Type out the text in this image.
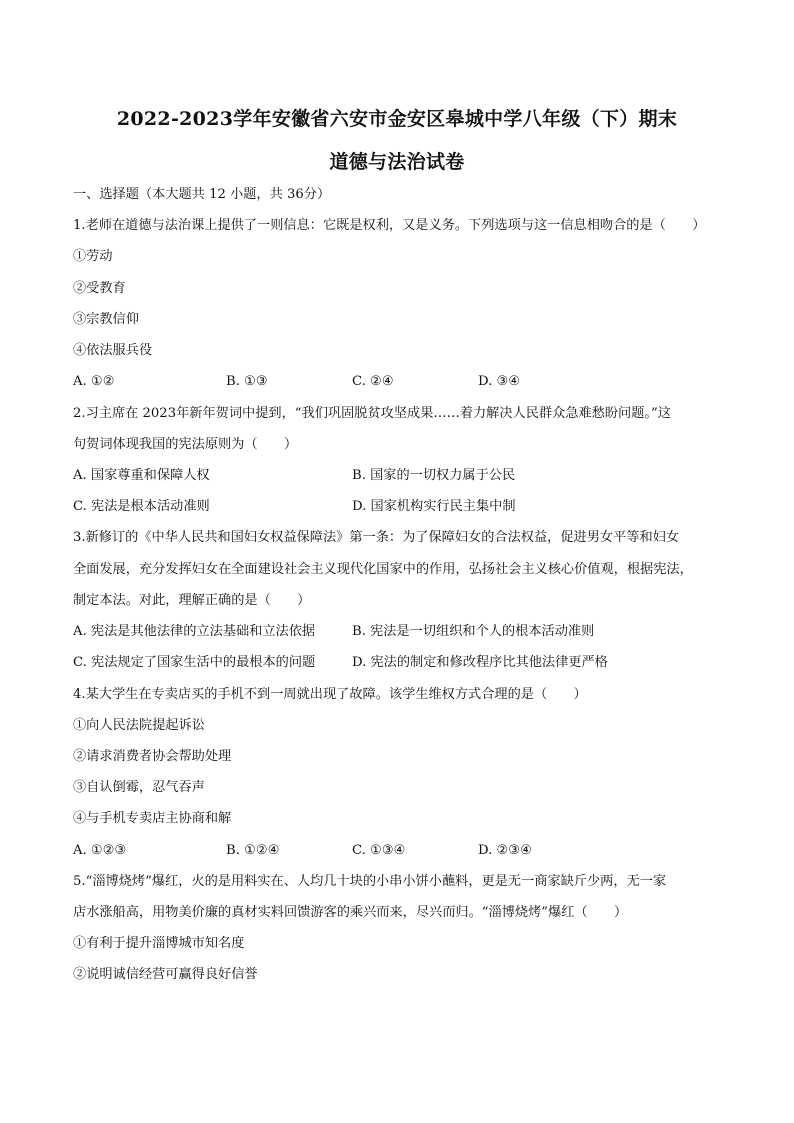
2022-2023学年安徽省六安市金安区皋城中学八年级（下）期末
道德与法治试卷
一、选择题（本大题共 12 小题，共 36分）
1.老师在道德与法治课上提供了一则信息：它既是权利，又是义务。下列选项与这一信息相吻合的是（　　）
①劳动
②受教育
③宗教信仰
④依法服兵役
A. ①②	B. ①③	C. ②④	D. ③④
2.习主席在 2023年新年贺词中提到，“我们巩固脱贫攻坚成果……着力解决人民群众急难愁盼问题。”这
句贺词体现我国的宪法原则为（　　）
A. 国家尊重和保障人权	B. 国家的一切权力属于公民
C. 宪法是根本活动准则	D. 国家机构实行民主集中制
3.新修订的《中华人民共和国妇女权益保障法》第一条：为了保障妇女的合法权益，促进男女平等和妇女
全面发展，充分发挥妇女在全面建设社会主义现代化国家中的作用，弘扬社会主义核心价值观，根据宪法，
制定本法。对此，理解正确的是（　　）
A. 宪法是其他法律的立法基础和立法依据	B. 宪法是一切组织和个人的根本活动准则
C. 宪法规定了国家生活中的最根本的问题	D. 宪法的制定和修改程序比其他法律更严格
4.某大学生在专卖店买的手机不到一周就出现了故障。该学生维权方式合理的是（　　）
①向人民法院提起诉讼
②请求消费者协会帮助处理
③自认倒霉，忍气吞声
④与手机专卖店主协商和解
A. ①②③	B. ①②④	C. ①③④	D. ②③④
5.“淄博烧烤”爆红，火的是用料实在、人均几十块的小串小饼小蘸料，更是无一商家缺斤少两，无一家
店水涨船高，用物美价廉的真材实料回馈游客的乘兴而来，尽兴而归。“淄博烧烤”爆红（　　）
①有利于提升淄博城市知名度
②说明诚信经营可赢得良好信誉
